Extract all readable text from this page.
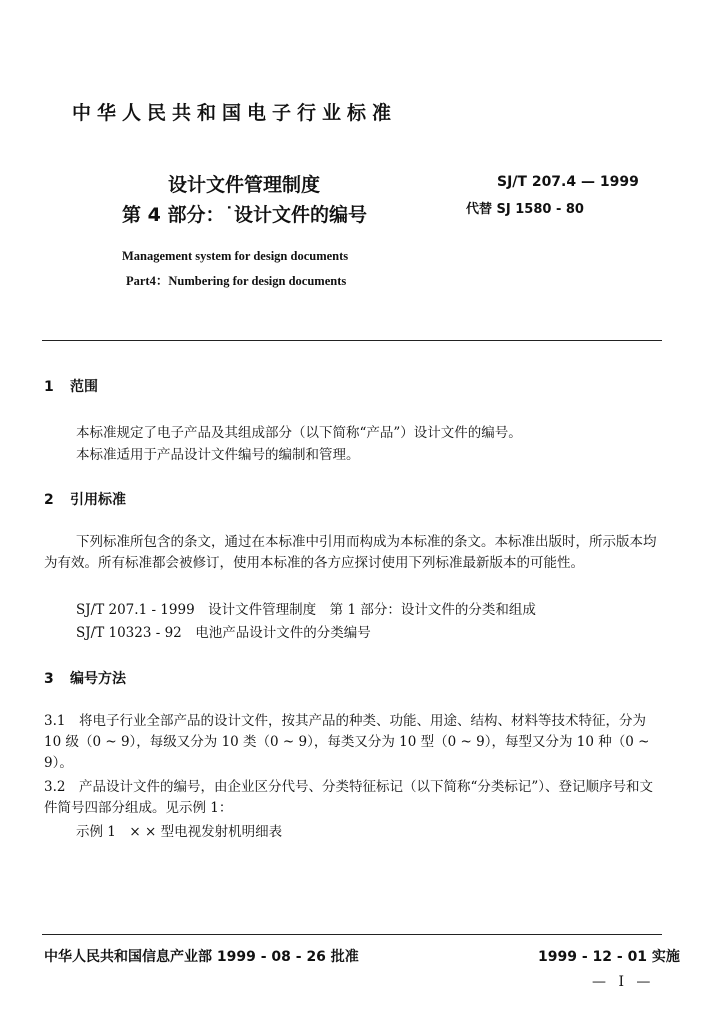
中华人民共和国电子行业标准
设计文件管理制度
第 4 部分：˙设计文件的编号
SJ/T 207.4 — 1999
代替 SJ 1580 - 80
Management system for design documents
Part4：Numbering for design documents
1 范围
本标准规定了电子产品及其组成部分（以下简称“产品”）设计文件的编号。
本标准适用于产品设计文件编号的编制和管理。
2 引用标准
下列标准所包含的条文，通过在本标准中引用而构成为本标准的条文。本标准出版时，所示版本均为有效。所有标准都会被修订，使用本标准的各方应探讨使用下列标准最新版本的可能性。
SJ/T 207.1 - 1999　设计文件管理制度　第 1 部分：设计文件的分类和组成
SJ/T 10323 - 92　电池产品设计文件的分类编号
3 编号方法
3.1　将电子行业全部产品的设计文件，按其产品的种类、功能、用途、结构、材料等技术特征，分为 10 级（0 ~ 9），每级又分为 10 类（0 ~ 9），每类又分为 10 型（0 ~ 9），每型又分为 10 种（0 ~ 9）。
3.2　产品设计文件的编号，由企业区分代号、分类特征标记（以下简称“分类标记”）、登记顺序号和文件简号四部分组成。见示例 1：
示例 1　× × 型电视发射机明细表
中华人民共和国信息产业部 1999 - 08 - 26 批准	1999 - 12 - 01 实施
— I —
